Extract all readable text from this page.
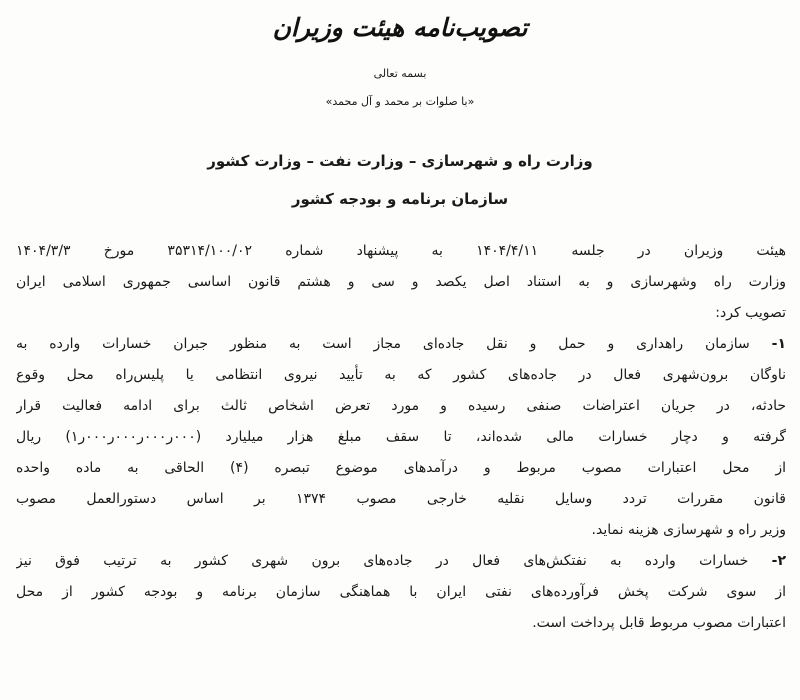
تصویب‌نامه هیئت وزیران
بسمه تعالی
«با صلوات بر محمد و آل محمد»
وزارت راه و شهرسازی – وزارت نفت – وزارت کشور
سازمان برنامه و بودجه کشور
هیئت وزیران در جلسه ۱۴۰۴/۴/۱۱ به پیشنهاد شماره ۳۵۳۱۴/۱۰۰/۰۲ مورخ ۱۴۰۴/۳/۳
وزارت راه وشهرسازی و به استناد اصل یکصد و سی و هشتم قانون اساسی جمهوری اسلامی ایران
تصویب کرد:
۱- سازمان راهداری و حمل و نقل جاده‌ای مجاز است به منظور جبران خسارات وارده به
ناوگان برون‌شهری فعال در جاده‌های کشور که به تأیید نیروی انتظامی یا پلیس‌راه محل وقوع
حادثه، در جریان اعتراضات صنفی رسیده و مورد تعرض اشخاص ثالث برای ادامه فعالیت قرار
گرفته و دچار خسارات مالی شده‌اند، تا سقف مبلغ هزار میلیارد (۰۰۰ر۰۰۰ر۰۰۰ر۰۰۰ر۱) ریال
از محل اعتبارات مصوب مربوط و درآمدهای موضوع تبصره (۴) الحاقی به ماده واحده
قانون مقررات تردد وسایل نقلیه خارجی مصوب ۱۳۷۴ بر اساس دستورالعمل مصوب
وزیر راه و شهرسازی هزینه نماید.
۲- خسارات وارده به نفتکش‌های فعال در جاده‌های برون شهری کشور به ترتیب فوق نیز
از سوی شرکت پخش فرآورده‌های نفتی ایران با هماهنگی سازمان برنامه و بودجه کشور از محل
اعتبارات مصوب مربوط قابل پرداخت است.
